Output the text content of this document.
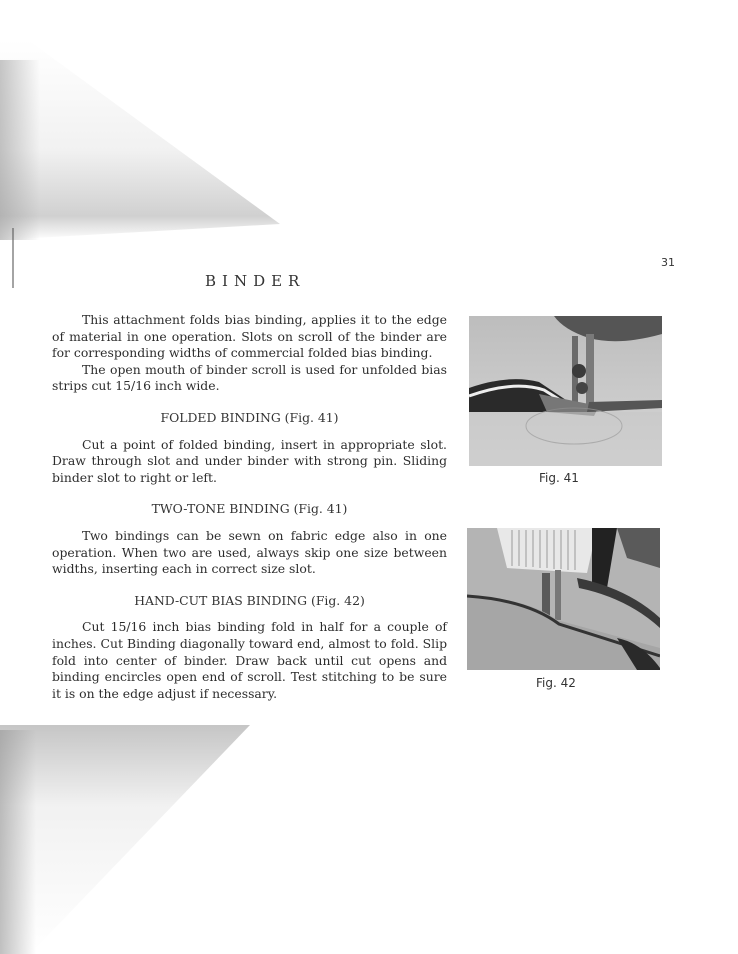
31
BINDER

This attachment folds bias binding, applies it to the edge of material in one operation. Slots on scroll of the binder are for corresponding widths of commercial folded bias binding.

The open mouth of binder scroll is used for unfolded bias strips cut 15/16 inch wide.

FOLDED BINDING (Fig. 41)

Cut a point of folded binding, insert in appropriate slot. Draw through slot and under binder with strong pin. Sliding binder slot to right or left.

TWO-TONE BINDING (Fig. 41)

Two bindings can be sewn on fabric edge also in one operation. When two are used, always skip one size between widths, inserting each in correct size slot.

HAND-CUT BIAS BINDING (Fig. 42)

Cut 15/16 inch bias binding fold in half for a couple of inches. Cut Binding diagonally toward end, almost to fold. Slip fold into center of binder. Draw back until cut opens and binding encircles open end of scroll. Test stitching to be sure it is on the edge adjust if necessary.

Fig. 41
Fig. 42
